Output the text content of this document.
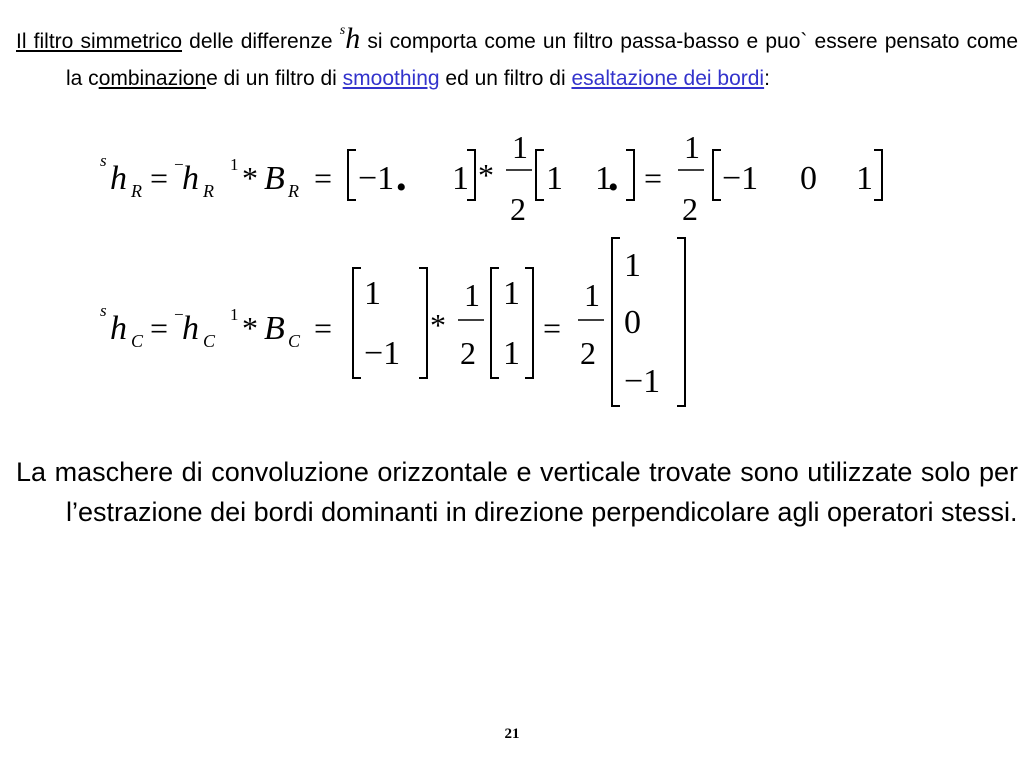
Il filtro simmetrico delle differenze $^s$h si comporta come un filtro passa-basso e puo` essere pensato come la combinazione di un filtro di smoothing ed un filtro di esaltazione dei bordi:
s h R = −
h R
1 * B R = −1 • 1 *
1
2
1 1
• =
1
2
−1 0 1
s h C = −
h C
1 * B C =
1
−1
*
1
2
1
1
=
1
2
1
0
−1
La maschere di convoluzione orizzontale e verticale trovate sono utilizzate solo per l’estrazione dei bordi dominanti in direzione perpendicolare agli operatori stessi.
21
